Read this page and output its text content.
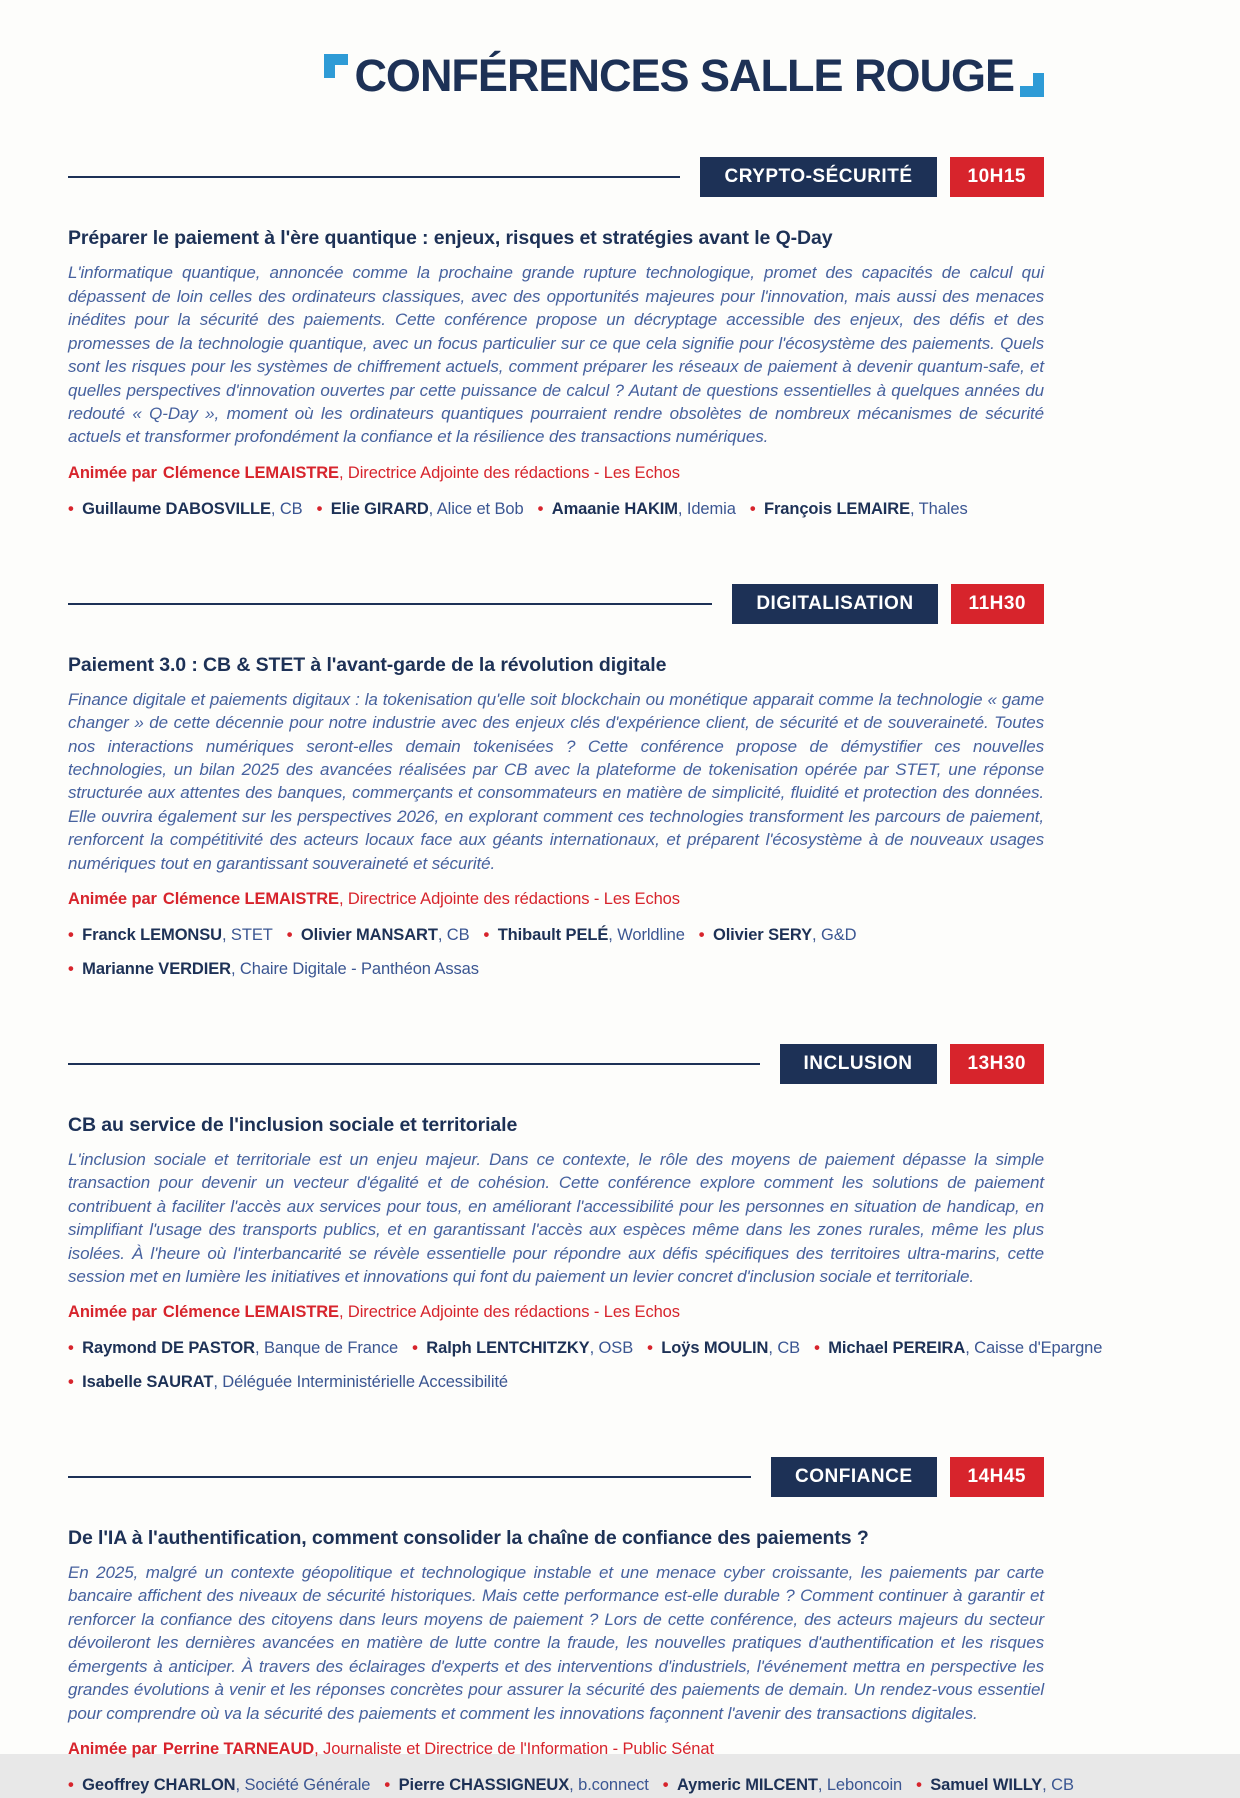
CONFÉRENCES SALLE ROUGE
CRYPTO-SÉCURITÉ	10H15
Préparer le paiement à l'ère quantique : enjeux, risques et stratégies avant le Q-Day

L'informatique quantique, annoncée comme la prochaine grande rupture technologique, promet des capacités de calcul qui dépassent de loin celles des ordinateurs classiques, avec des opportunités majeures pour l'innovation, mais aussi des menaces inédites pour la sécurité des paiements. Cette conférence propose un décryptage accessible des enjeux, des défis et des promesses de la technologie quantique, avec un focus particulier sur ce que cela signifie pour l'écosystème des paiements. Quels sont les risques pour les systèmes de chiffrement actuels, comment préparer les réseaux de paiement à devenir quantum-safe, et quelles perspectives d'innovation ouvertes par cette puissance de calcul ? Autant de questions essentielles à quelques années du redouté « Q-Day », moment où les ordinateurs quantiques pourraient rendre obsolètes de nombreux mécanismes de sécurité actuels et transformer profondément la confiance et la résilience des transactions numériques.

Animée par Clémence LEMAISTRE, Directrice Adjointe des rédactions - Les Echos

• Guillaume DABOSVILLE, CB • Elie GIRARD, Alice et Bob • Amaanie HAKIM, Idemia • François LEMAIRE, Thales

DIGITALISATION	11H30
Paiement 3.0 : CB & STET à l'avant-garde de la révolution digitale

Finance digitale et paiements digitaux : la tokenisation qu'elle soit blockchain ou monétique apparait comme la technologie « game changer » de cette décennie pour notre industrie avec des enjeux clés d'expérience client, de sécurité et de souveraineté. Toutes nos interactions numériques seront-elles demain tokenisées ? Cette conférence propose de démystifier ces nouvelles technologies, un bilan 2025 des avancées réalisées par CB avec la plateforme de tokenisation opérée par STET, une réponse structurée aux attentes des banques, commerçants et consommateurs en matière de simplicité, fluidité et protection des données. Elle ouvrira également sur les perspectives 2026, en explorant comment ces technologies transforment les parcours de paiement, renforcent la compétitivité des acteurs locaux face aux géants internationaux, et préparent l'écosystème à de nouveaux usages numériques tout en garantissant souveraineté et sécurité.

Animée par Clémence LEMAISTRE, Directrice Adjointe des rédactions - Les Echos

• Franck LEMONSU, STET • Olivier MANSART, CB • Thibault PELÉ, Worldline • Olivier SERY, G&D

• Marianne VERDIER, Chaire Digitale - Panthéon Assas

INCLUSION	13H30
CB au service de l'inclusion sociale et territoriale

L'inclusion sociale et territoriale est un enjeu majeur. Dans ce contexte, le rôle des moyens de paiement dépasse la simple transaction pour devenir un vecteur d'égalité et de cohésion. Cette conférence explore comment les solutions de paiement contribuent à faciliter l'accès aux services pour tous, en améliorant l'accessibilité pour les personnes en situation de handicap, en simplifiant l'usage des transports publics, et en garantissant l'accès aux espèces même dans les zones rurales, même les plus isolées. À l'heure où l'interbancarité se révèle essentielle pour répondre aux défis spécifiques des territoires ultra-marins, cette session met en lumière les initiatives et innovations qui font du paiement un levier concret d'inclusion sociale et territoriale.

Animée par Clémence LEMAISTRE, Directrice Adjointe des rédactions - Les Echos

• Raymond DE PASTOR, Banque de France • Ralph LENTCHITZKY, OSB • Loÿs MOULIN, CB • Michael PEREIRA, Caisse d'Epargne

• Isabelle SAURAT, Déléguée Interministérielle Accessibilité

CONFIANCE	14H45
De l'IA à l'authentification, comment consolider la chaîne de confiance des paiements ?

En 2025, malgré un contexte géopolitique et technologique instable et une menace cyber croissante, les paiements par carte bancaire affichent des niveaux de sécurité historiques. Mais cette performance est-elle durable ? Comment continuer à garantir et renforcer la confiance des citoyens dans leurs moyens de paiement ? Lors de cette conférence, des acteurs majeurs du secteur dévoileront les dernières avancées en matière de lutte contre la fraude, les nouvelles pratiques d'authentification et les risques émergents à anticiper. À travers des éclairages d'experts et des interventions d'industriels, l'événement mettra en perspective les grandes évolutions à venir et les réponses concrètes pour assurer la sécurité des paiements de demain. Un rendez-vous essentiel pour comprendre où va la sécurité des paiements et comment les innovations façonnent l'avenir des transactions digitales.

Animée par Perrine TARNEAUD, Journaliste et Directrice de l'Information - Public Sénat

• Geoffrey CHARLON, Société Générale • Pierre CHASSIGNEUX, b.connect • Aymeric MILCENT, Leboncoin • Samuel WILLY, CB
